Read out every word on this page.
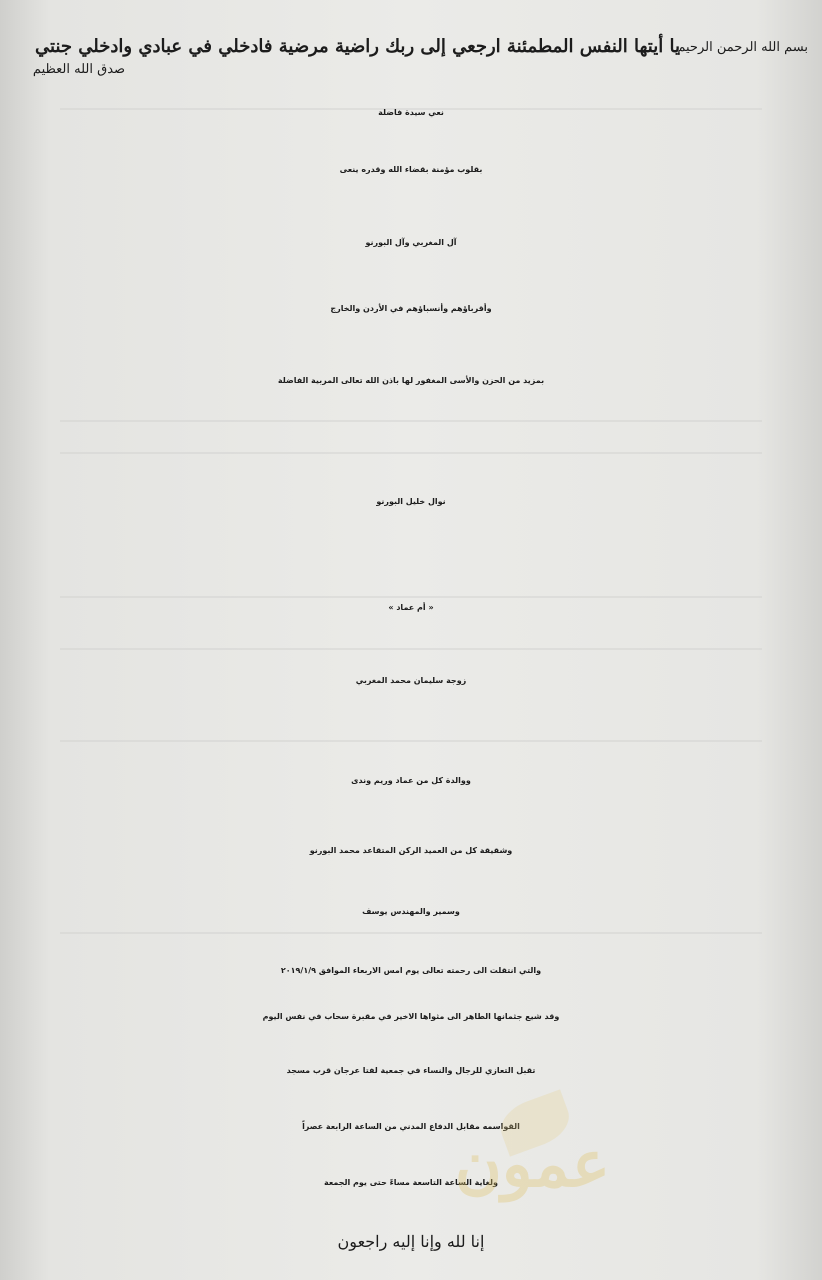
بسم الله الرحمن الرحيم
يا أيتها النفس المطمئنة ارجعي إلى ربك راضية مرضية فادخلي في عبادي وادخلي جنتي
صدق الله العظيم
نعي سيدة فاضلة
بقلوب مؤمنة بقضاء الله وقدره ينعى
آل المغربي وآل البورنو
وأقرباؤهم وأنسباؤهم في الأردن والخارج
بمزيد من الحزن والأسى المغفور لها باذن الله تعالى المربية الفاضلة
نوال خليل البورنو
« أم عماد »
زوجة سليمان محمد المغربي
ووالدة كل من عماد وريم وندى
وشقيقة كل من العميد الركن المتقاعد محمد البورنو
وسمير والمهندس يوسف
والتي انتقلت الى رحمته تعالى يوم امس الاربعاء الموافق ٢٠١٩/١/٩
وقد شيع جثمانها الطاهر الى مثواها الاخير في مقبرة سحاب في نفس اليوم
تقبل التعازي للرجال والنساء في جمعية لفتا عرجان قرب مسجد
القواسمه مقابل الدفاع المدني من الساعة الرابعة عصراً
ولغاية الساعة التاسعة مساءً حتى يوم الجمعة
عمون
إنا لله وإنا إليه راجعون
